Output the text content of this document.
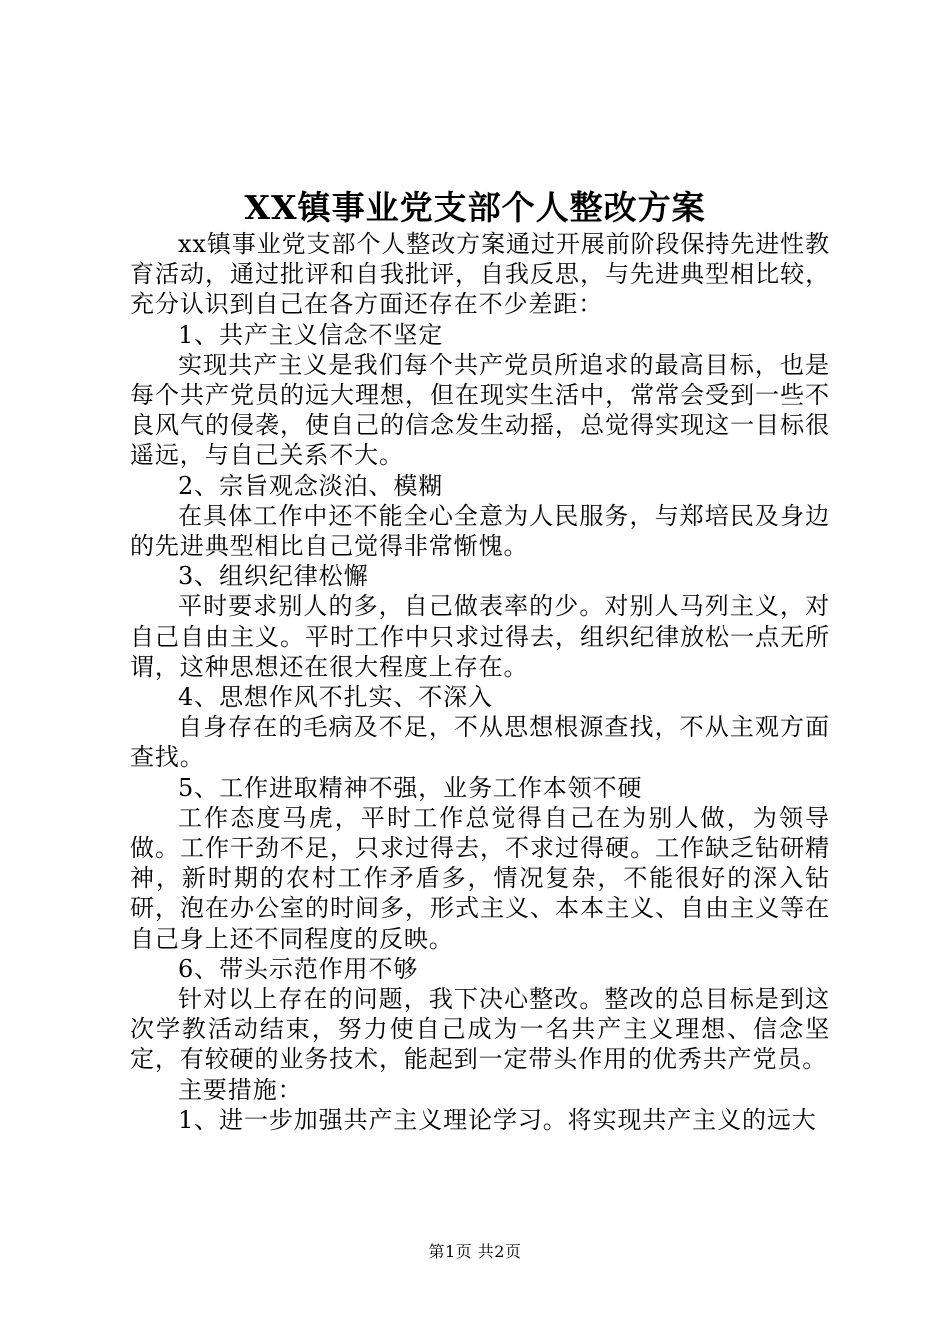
XX镇事业党支部个人整改方案

xx镇事业党支部个人整改方案通过开展前阶段保持先进性教育活动，通过批评和自我批评，自我反思，与先进典型相比较，充分认识到自己在各方面还存在不少差距：

1、共产主义信念不坚定

实现共产主义是我们每个共产党员所追求的最高目标，也是每个共产党员的远大理想，但在现实生活中，常常会受到一些不良风气的侵袭，使自己的信念发生动摇，总觉得实现这一目标很遥远，与自己关系不大。

2、宗旨观念淡泊、模糊

在具体工作中还不能全心全意为人民服务，与郑培民及身边的先进典型相比自己觉得非常惭愧。

3、组织纪律松懈

平时要求别人的多，自己做表率的少。对别人马列主义，对自己自由主义。平时工作中只求过得去，组织纪律放松一点无所谓，这种思想还在很大程度上存在。

4、思想作风不扎实、不深入

自身存在的毛病及不足，不从思想根源查找，不从主观方面查找。

5、工作进取精神不强，业务工作本领不硬

工作态度马虎，平时工作总觉得自己在为别人做，为领导做。工作干劲不足，只求过得去，不求过得硬。工作缺乏钻研精神，新时期的农村工作矛盾多，情况复杂，不能很好的深入钻研，泡在办公室的时间多，形式主义、本本主义、自由主义等在自己身上还不同程度的反映。

6、带头示范作用不够

针对以上存在的问题，我下决心整改。整改的总目标是到这次学教活动结束，努力使自己成为一名共产主义理想、信念坚定，有较硬的业务技术，能起到一定带头作用的优秀共产党员。

主要措施：

1、进一步加强共产主义理论学习。将实现共产主义的远大

第1页 共2页
